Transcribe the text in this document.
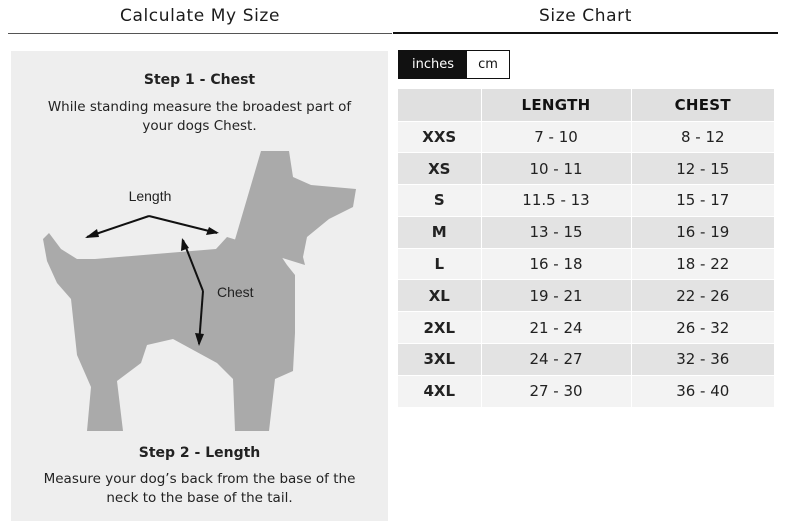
Calculate My Size	Size Chart
Step 1 - Chest
While standing measure the broadest part of your dogs Chest.
Length
Chest
Step 2 - Length
Measure your dog’s back from the base of the neck to the base of the tail.
inches	cm
	LENGTH	CHEST
XXS	7 - 10	8 - 12
XS	10 - 11	12 - 15
S	11.5 - 13	15 - 17
M	13 - 15	16 - 19
L	16 - 18	18 - 22
XL	19 - 21	22 - 26
2XL	21 - 24	26 - 32
3XL	24 - 27	32 - 36
4XL	27 - 30	36 - 40
